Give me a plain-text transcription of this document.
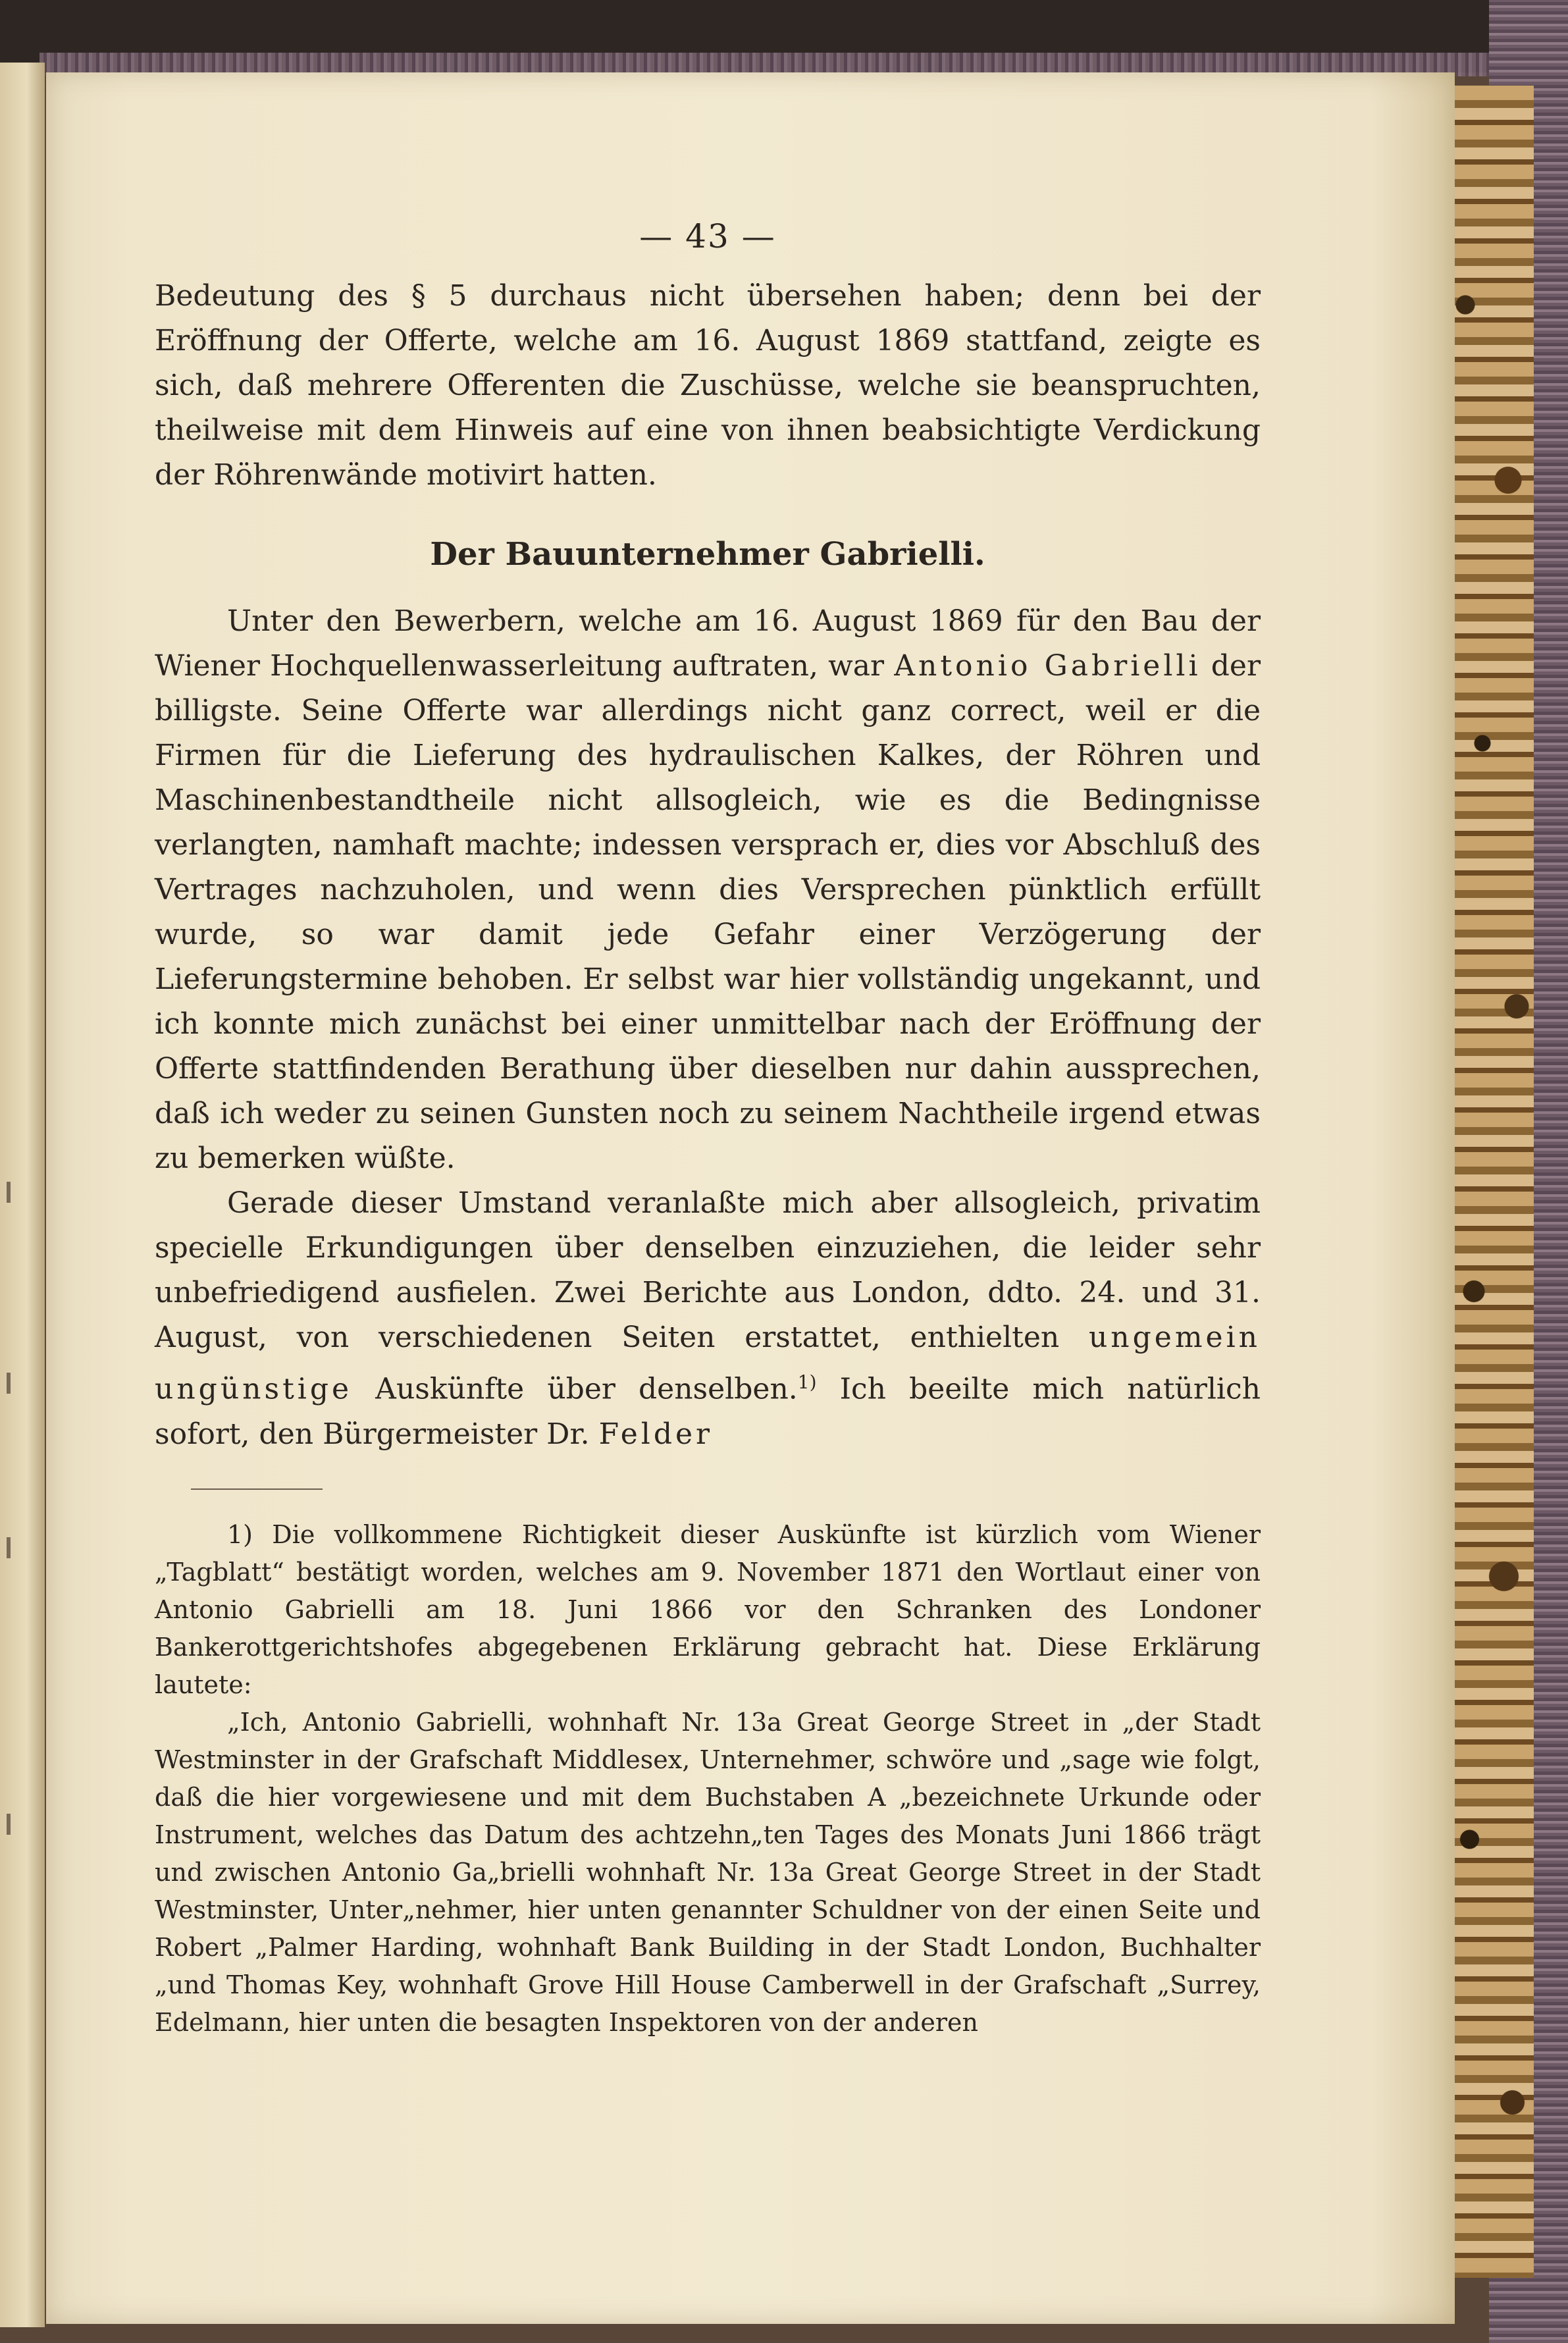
— 43 —

Bedeutung des § 5 durchaus nicht übersehen haben; denn bei der Eröffnung der Offerte, welche am 16. August 1869 stattfand, zeigte es sich, daß mehrere Offerenten die Zuschüsse, welche sie beanspruchten, theilweise mit dem Hinweis auf eine von ihnen beabsichtigte Verdickung der Röhrenwände motivirt hatten.

Der Bauunternehmer Gabrielli.

Unter den Bewerbern, welche am 16. August 1869 für den Bau der Wiener Hochquellenwasserleitung auftraten, war Antonio Gabrielli der billigste. Seine Offerte war allerdings nicht ganz correct, weil er die Firmen für die Lieferung des hydraulischen Kalkes, der Röhren und Maschinenbestandtheile nicht allsogleich, wie es die Bedingnisse verlangten, namhaft machte; indessen versprach er, dies vor Abschluß des Vertrages nachzuholen, und wenn dies Versprechen pünktlich erfüllt wurde, so war damit jede Gefahr einer Verzögerung der Lieferungstermine behoben. Er selbst war hier vollständig ungekannt, und ich konnte mich zunächst bei einer unmittelbar nach der Eröffnung der Offerte stattfindenden Berathung über dieselben nur dahin aussprechen, daß ich weder zu seinen Gunsten noch zu seinem Nachtheile irgend etwas zu bemerken wüßte.

Gerade dieser Umstand veranlaßte mich aber allsogleich, privatim specielle Erkundigungen über denselben einzuziehen, die leider sehr unbefriedigend ausfielen. Zwei Berichte aus London, ddto. 24. und 31. August, von verschiedenen Seiten erstattet, enthielten ungemein ungünstige Auskünfte über denselben.$^{1)}$ Ich beeilte mich natürlich sofort, den Bürgermeister Dr. Felder

1) Die vollkommene Richtigkeit dieser Auskünfte ist kürzlich vom Wiener „Tagblatt“ bestätigt worden, welches am 9. November 1871 den Wortlaut einer von Antonio Gabrielli am 18. Juni 1866 vor den Schranken des Londoner Bankerottgerichtshofes abgegebenen Erklärung gebracht hat. Diese Erklärung lautete:

„Ich, Antonio Gabrielli, wohnhaft Nr. 13a Great George Street in „der Stadt Westminster in der Grafschaft Middlesex, Unternehmer, schwöre und „sage wie folgt, daß die hier vorgewiesene und mit dem Buchstaben A „bezeichnete Urkunde oder Instrument, welches das Datum des achtzehn„ten Tages des Monats Juni 1866 trägt und zwischen Antonio Ga„brielli wohnhaft Nr. 13a Great George Street in der Stadt Westminster, Unter„nehmer, hier unten genannter Schuldner von der einen Seite und Robert „Palmer Harding, wohnhaft Bank Building in der Stadt London, Buchhalter „und Thomas Key, wohnhaft Grove Hill House Camberwell in der Grafschaft „Surrey, Edelmann, hier unten die besagten Inspektoren von der anderen
